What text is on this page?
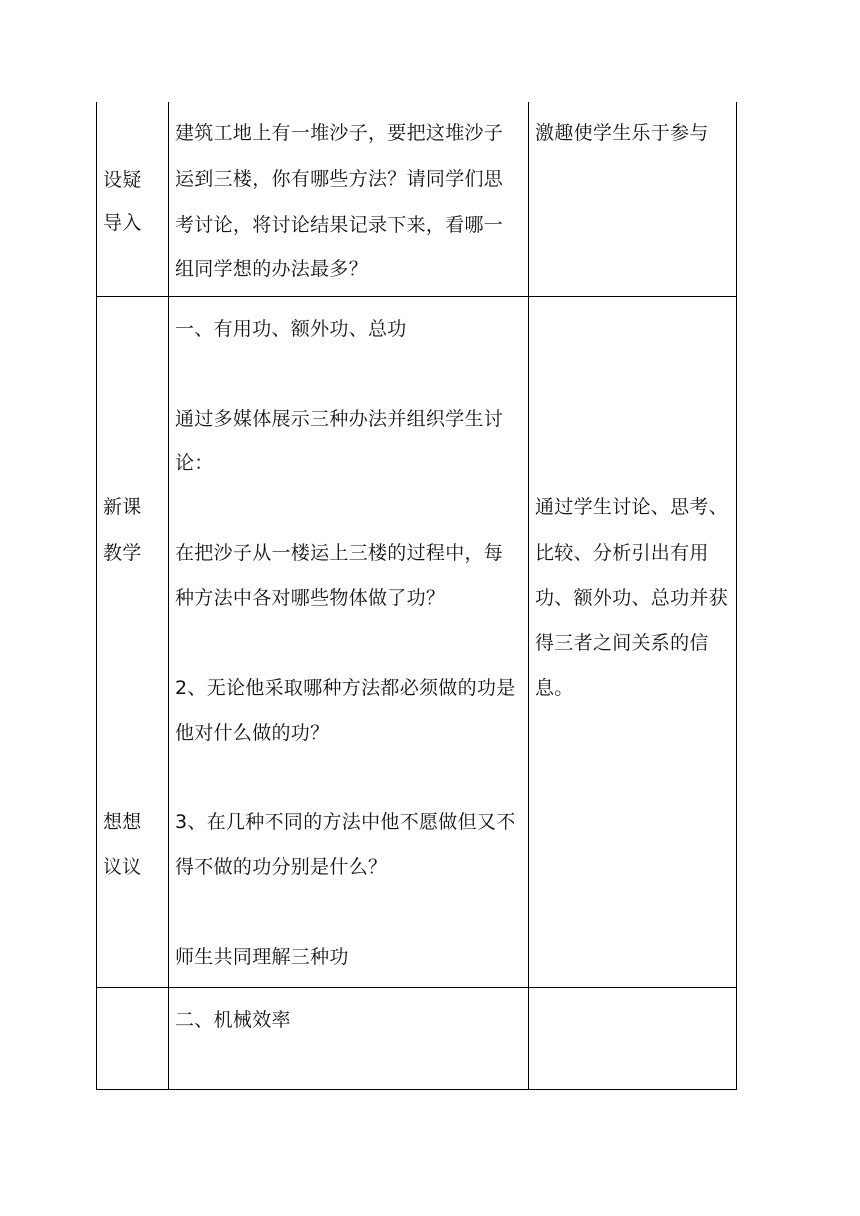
设疑
导入
建筑工地上有一堆沙子，要把这堆沙子
运到三楼，你有哪些方法？请同学们思
考讨论，将讨论结果记录下来，看哪一
组同学想的办法最多？
激趣使学生乐于参与
新课
教学
想想
议议
一、有用功、额外功、总功
通过多媒体展示三种办法并组织学生讨
论：
在把沙子从一楼运上三楼的过程中，每
种方法中各对哪些物体做了功？
2、无论他采取哪种方法都必须做的功是
他对什么做的功？
3、在几种不同的方法中他不愿做但又不
得不做的功分别是什么？
师生共同理解三种功
通过学生讨论、思考、
比较、分析引出有用
功、额外功、总功并获
得三者之间关系的信
息。
二、机械效率
